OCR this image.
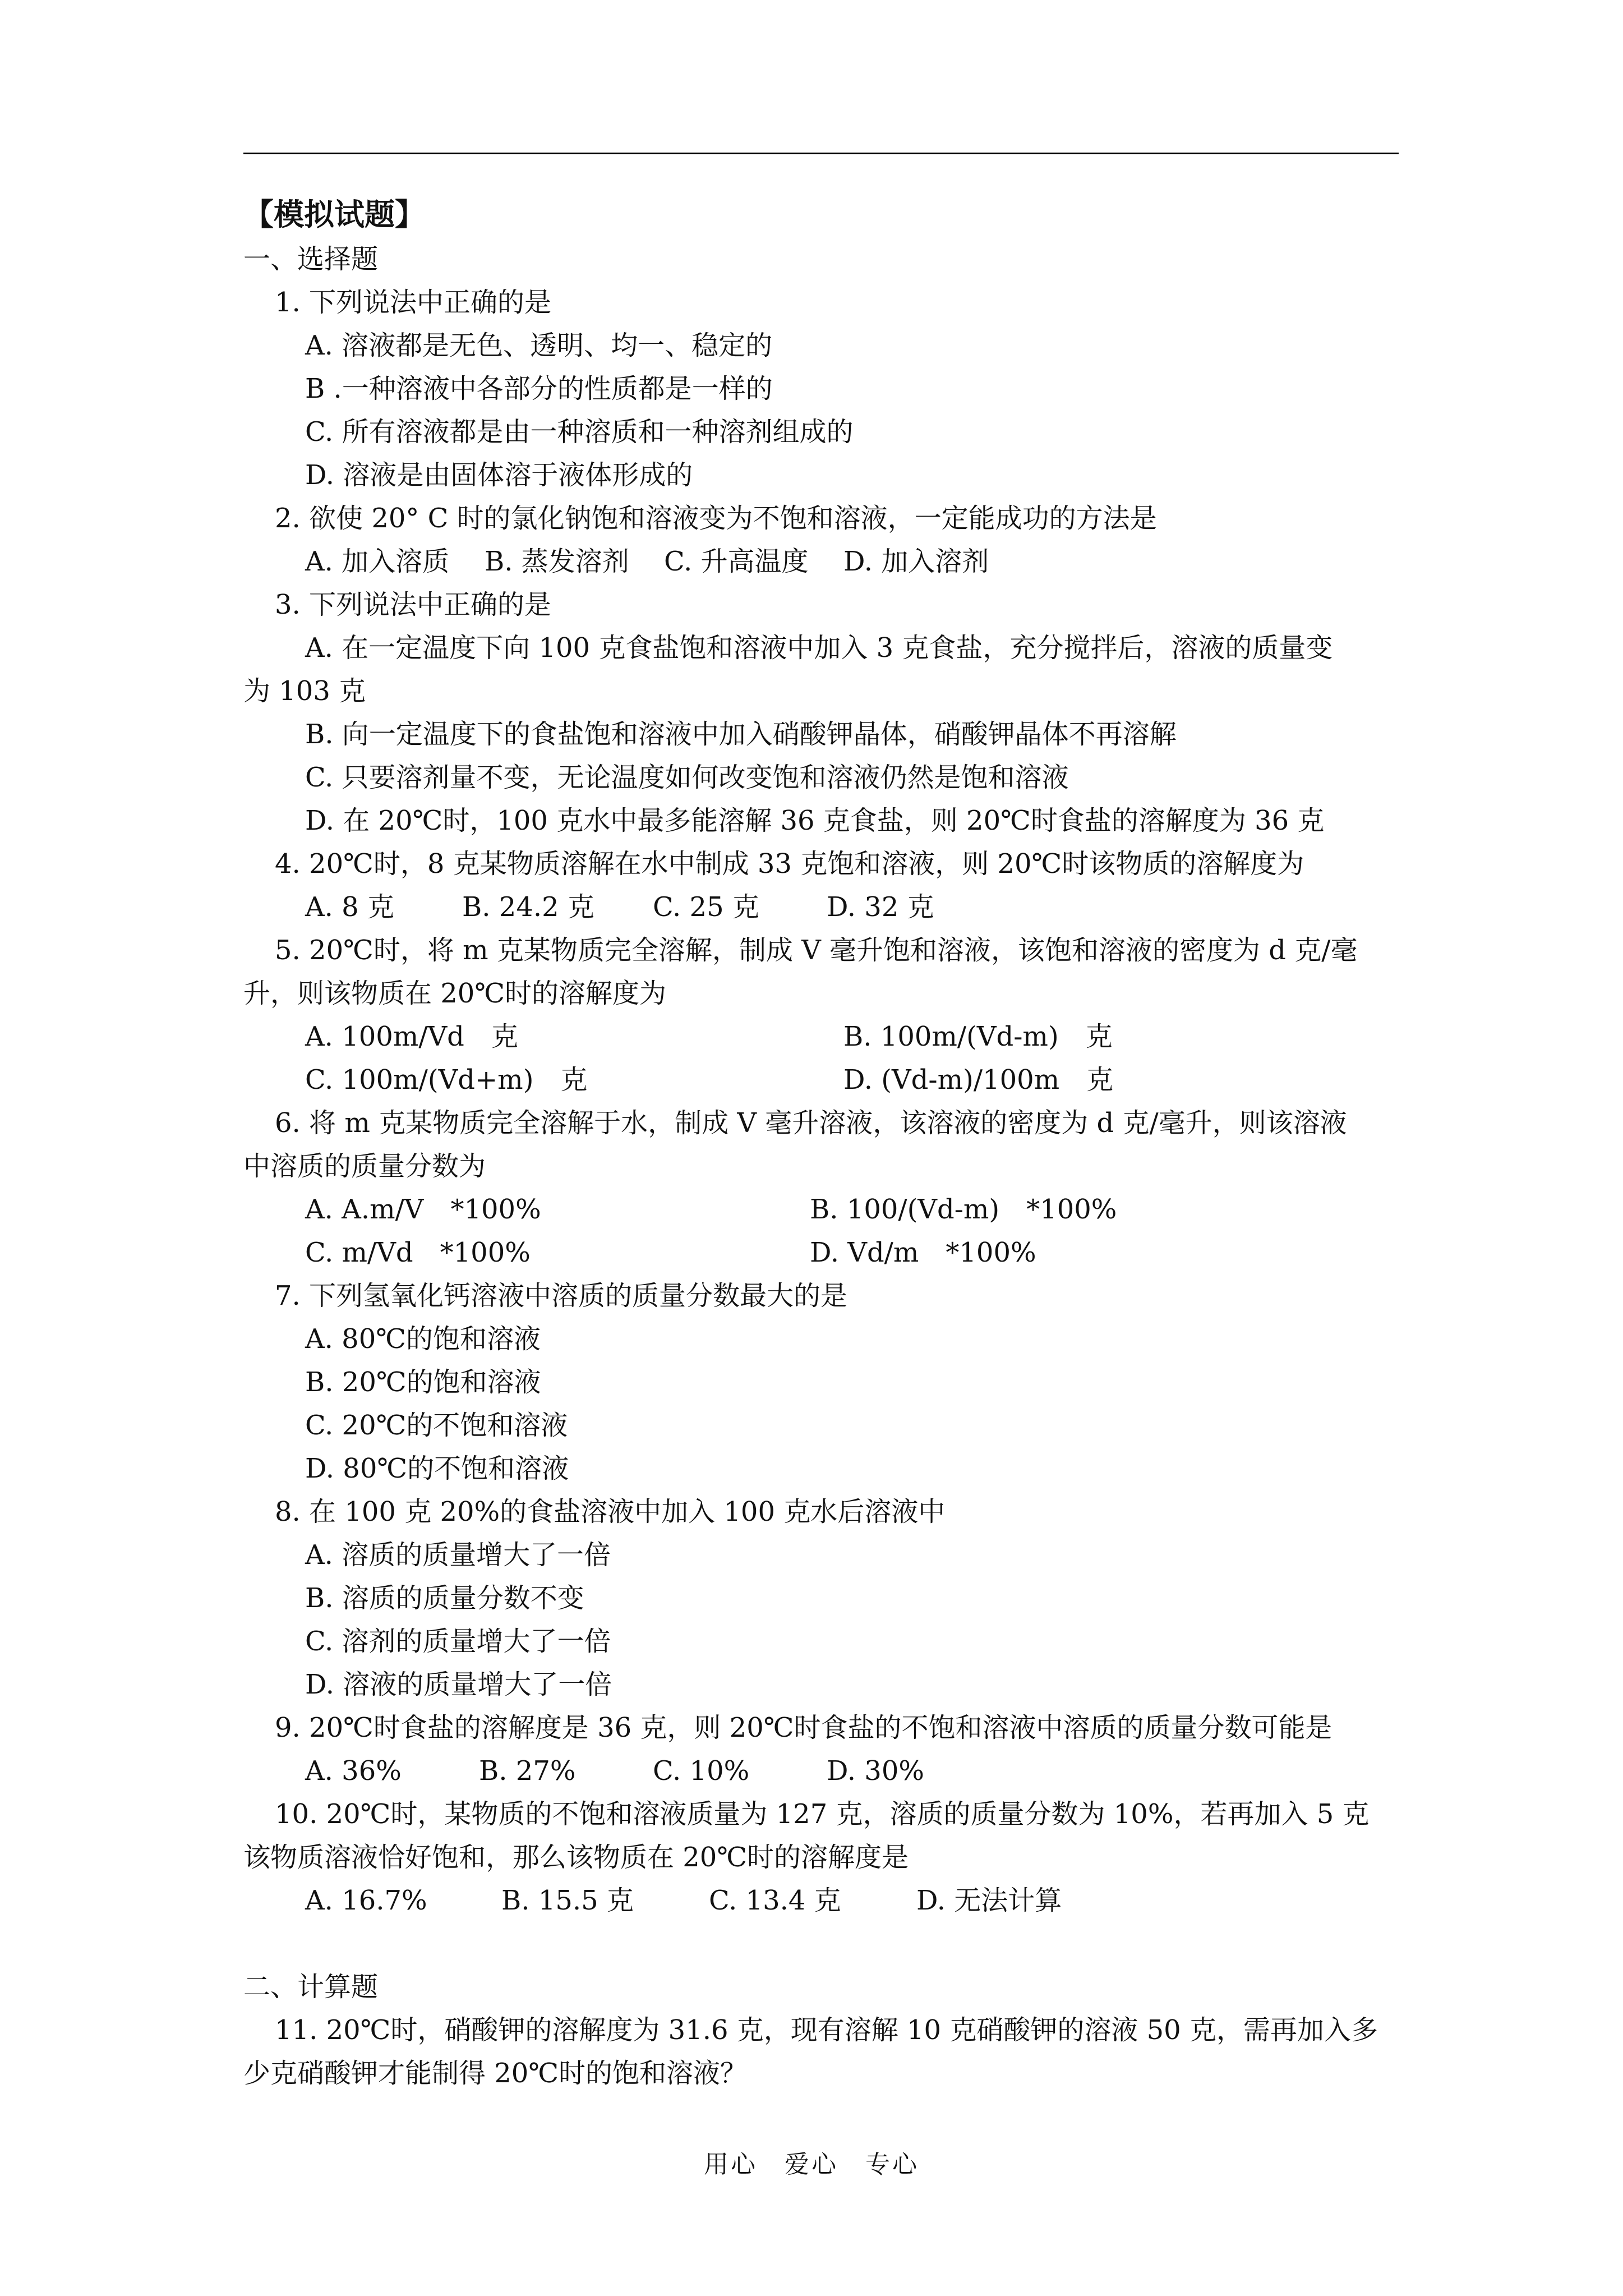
【模拟试题】
一、选择题
1. 下列说法中正确的是
A. 溶液都是无色、透明、均一、稳定的
B .一种溶液中各部分的性质都是一样的
C. 所有溶液都是由一种溶质和一种溶剂组成的
D. 溶液是由固体溶于液体形成的
2. 欲使 20° C 时的氯化钠饱和溶液变为不饱和溶液，一定能成功的方法是
A. 加入溶质 B. 蒸发溶剂 C. 升高温度 D. 加入溶剂
3. 下列说法中正确的是
A. 在一定温度下向 100 克食盐饱和溶液中加入 3 克食盐，充分搅拌后，溶液的质量变
为 103 克
B. 向一定温度下的食盐饱和溶液中加入硝酸钾晶体，硝酸钾晶体不再溶解
C. 只要溶剂量不变，无论温度如何改变饱和溶液仍然是饱和溶液
D. 在 20℃时，100 克水中最多能溶解 36 克食盐，则 20℃时食盐的溶解度为 36 克
4. 20℃时，8 克某物质溶解在水中制成 33 克饱和溶液，则 20℃时该物质的溶解度为
A. 8 克	B. 24.2 克 C. 25 克	D. 32 克
5. 20℃时，将 m 克某物质完全溶解，制成 V 毫升饱和溶液，该饱和溶液的密度为 d 克/毫
升，则该物质在 20℃时的溶解度为
A. 100m/Vd　克	B. 100m/(Vd-m)　克
C. 100m/(Vd+m)　克	D. (Vd-m)/100m　克
6. 将 m 克某物质完全溶解于水，制成 V 毫升溶液，该溶液的密度为 d 克/毫升，则该溶液
中溶质的质量分数为
A. A.m/V　*100%	B. 100/(Vd-m)　*100%
C. m/Vd　*100%	D. Vd/m　*100%
7. 下列氢氧化钙溶液中溶质的质量分数最大的是
A. 80℃的饱和溶液
B. 20℃的饱和溶液
C. 20℃的不饱和溶液
D. 80℃的不饱和溶液
8. 在 100 克 20%的食盐溶液中加入 100 克水后溶液中
A. 溶质的质量增大了一倍
B. 溶质的质量分数不变
C. 溶剂的质量增大了一倍
D. 溶液的质量增大了一倍
9. 20℃时食盐的溶解度是 36 克，则 20℃时食盐的不饱和溶液中溶质的质量分数可能是
A. 36%	B. 27%	C. 10%	D. 30%
10. 20℃时，某物质的不饱和溶液质量为 127 克，溶质的质量分数为 10%，若再加入 5 克
该物质溶液恰好饱和，那么该物质在 20℃时的溶解度是
A. 16.7%	B. 15.5 克	C. 13.4 克	D. 无法计算
二、计算题
11. 20℃时，硝酸钾的溶解度为 31.6 克，现有溶解 10 克硝酸钾的溶液 50 克，需再加入多
少克硝酸钾才能制得 20℃时的饱和溶液？
用心　爱心　专心
